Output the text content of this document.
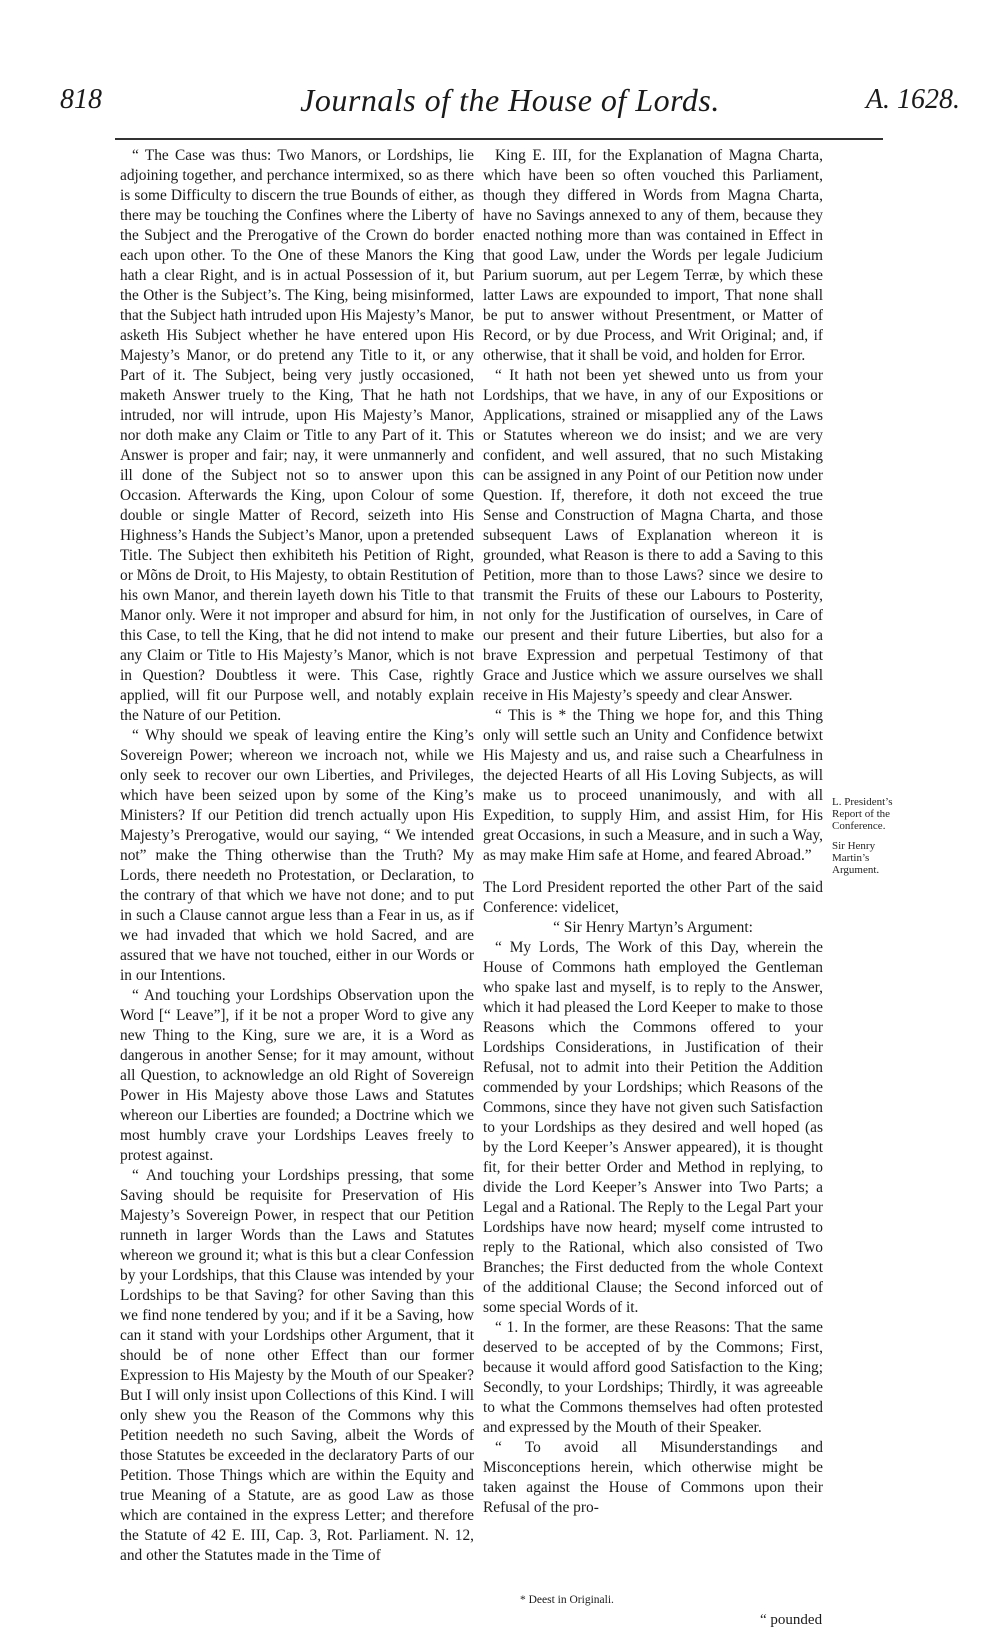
818	Journals of the House of Lords.	A. 1628.

“ The Case was thus: Two Manors, or Lordships, lie adjoining together, and perchance intermixed, so as there is some Difficulty to discern the true Bounds of either, as there may be touching the Confines where the Liberty of the Subject and the Prerogative of the Crown do border each upon other. To the One of these Manors the King hath a clear Right, and is in actual Possession of it, but the Other is the Subject’s. The King, being misinformed, that the Subject hath intruded upon His Majesty’s Manor, asketh His Subject whether he have entered upon His Majesty’s Manor, or do pretend any Title to it, or any Part of it. The Subject, being very justly occasioned, maketh Answer truely to the King, That he hath not intruded, nor will intrude, upon His Majesty’s Manor, nor doth make any Claim or Title to any Part of it. This Answer is proper and fair; nay, it were unmannerly and ill done of the Subject not so to answer upon this Occasion. Afterwards the King, upon Colour of some double or single Matter of Record, seizeth into His Highness’s Hands the Subject’s Manor, upon a pretended Title. The Subject then exhibiteth his Petition of Right, or Mõns de Droit, to His Majesty, to obtain Restitution of his own Manor, and therein layeth down his Title to that Manor only. Were it not improper and absurd for him, in this Case, to tell the King, that he did not intend to make any Claim or Title to His Majesty’s Manor, which is not in Question? Doubtless it were. This Case, rightly applied, will fit our Purpose well, and notably explain the Nature of our Petition.

“ Why should we speak of leaving entire the King’s Sovereign Power; whereon we incroach not, while we only seek to recover our own Liberties, and Privileges, which have been seized upon by some of the King’s Ministers? If our Petition did trench actually upon His Majesty’s Prerogative, would our saying, “ We intended not” make the Thing otherwise than the Truth? My Lords, there needeth no Protestation, or Declaration, to the contrary of that which we have not done; and to put in such a Clause cannot argue less than a Fear in us, as if we had invaded that which we hold Sacred, and are assured that we have not touched, either in our Words or in our Intentions.

“ And touching your Lordships Observation upon the Word [“ Leave”], if it be not a proper Word to give any new Thing to the King, sure we are, it is a Word as dangerous in another Sense; for it may amount, without all Question, to acknowledge an old Right of Sovereign Power in His Majesty above those Laws and Statutes whereon our Liberties are founded; a Doctrine which we most humbly crave your Lordships Leaves freely to protest against.

“ And touching your Lordships pressing, that some Saving should be requisite for Preservation of His Majesty’s Sovereign Power, in respect that our Petition runneth in larger Words than the Laws and Statutes whereon we ground it; what is this but a clear Confession by your Lordships, that this Clause was intended by your Lordships to be that Saving? for other Saving than this we find none tendered by you; and if it be a Saving, how can it stand with your Lordships other Argument, that it should be of none other Effect than our former Expression to His Majesty by the Mouth of our Speaker? But I will only insist upon Collections of this Kind. I will only shew you the Reason of the Commons why this Petition needeth no such Saving, albeit the Words of those Statutes be exceeded in the declaratory Parts of our Petition. Those Things which are within the Equity and true Meaning of a Statute, are as good Law as those which are contained in the express Letter; and therefore the Statute of 42 E. III, Cap. 3, Rot. Parliament. N. 12, and other the Statutes made in the Time of

King E. III, for the Explanation of Magna Charta, which have been so often vouched this Parliament, though they differed in Words from Magna Charta, have no Savings annexed to any of them, because they enacted nothing more than was contained in Effect in that good Law, under the Words per legale Judicium Parium suorum, aut per Legem Terræ, by which these latter Laws are expounded to import, That none shall be put to answer without Presentment, or Matter of Record, or by due Process, and Writ Original; and, if otherwise, that it shall be void, and holden for Error.

“ It hath not been yet shewed unto us from your Lordships, that we have, in any of our Expositions or Applications, strained or misapplied any of the Laws or Statutes whereon we do insist; and we are very confident, and well assured, that no such Mistaking can be assigned in any Point of our Petition now under Question. If, therefore, it doth not exceed the true Sense and Construction of Magna Charta, and those subsequent Laws of Explanation whereon it is grounded, what Reason is there to add a Saving to this Petition, more than to those Laws? since we desire to transmit the Fruits of these our Labours to Posterity, not only for the Justification of ourselves, in Care of our present and their future Liberties, but also for a brave Expression and perpetual Testimony of that Grace and Justice which we assure ourselves we shall receive in His Majesty’s speedy and clear Answer.

“ This is * the Thing we hope for, and this Thing only will settle such an Unity and Confidence betwixt His Majesty and us, and raise such a Chearfulness in the dejected Hearts of all His Loving Subjects, as will make us to proceed unanimously, and with all Expedition, to supply Him, and assist Him, for His great Occasions, in such a Measure, and in such a Way, as may make Him safe at Home, and feared Abroad.”

The Lord President reported the other Part of the said Conference: videlicet,

“ Sir Henry Martyn’s Argument:

“ My Lords, The Work of this Day, wherein the House of Commons hath employed the Gentleman who spake last and myself, is to reply to the Answer, which it had pleased the Lord Keeper to make to those Reasons which the Commons offered to your Lordships Considerations, in Justification of their Refusal, not to admit into their Petition the Addition commended by your Lordships; which Reasons of the Commons, since they have not given such Satisfaction to your Lordships as they desired and well hoped (as by the Lord Keeper’s Answer appeared), it is thought fit, for their better Order and Method in replying, to divide the Lord Keeper’s Answer into Two Parts; a Legal and a Rational. The Reply to the Legal Part your Lordships have now heard; myself come intrusted to reply to the Rational, which also consisted of Two Branches; the First deducted from the whole Context of the additional Clause; the Second inforced out of some special Words of it.

“ 1. In the former, are these Reasons: That the same deserved to be accepted of by the Commons; First, because it would afford good Satisfaction to the King; Secondly, to your Lordships; Thirdly, it was agreeable to what the Commons themselves had often protested and expressed by the Mouth of their Speaker.

“ To avoid all Misunderstandings and Misconceptions herein, which otherwise might be taken against the House of Commons upon their Refusal of the pro-

L. President’s Report of the Conference.
Sir Henry Martin’s Argument.
* Deest in Originali.
“ pounded
